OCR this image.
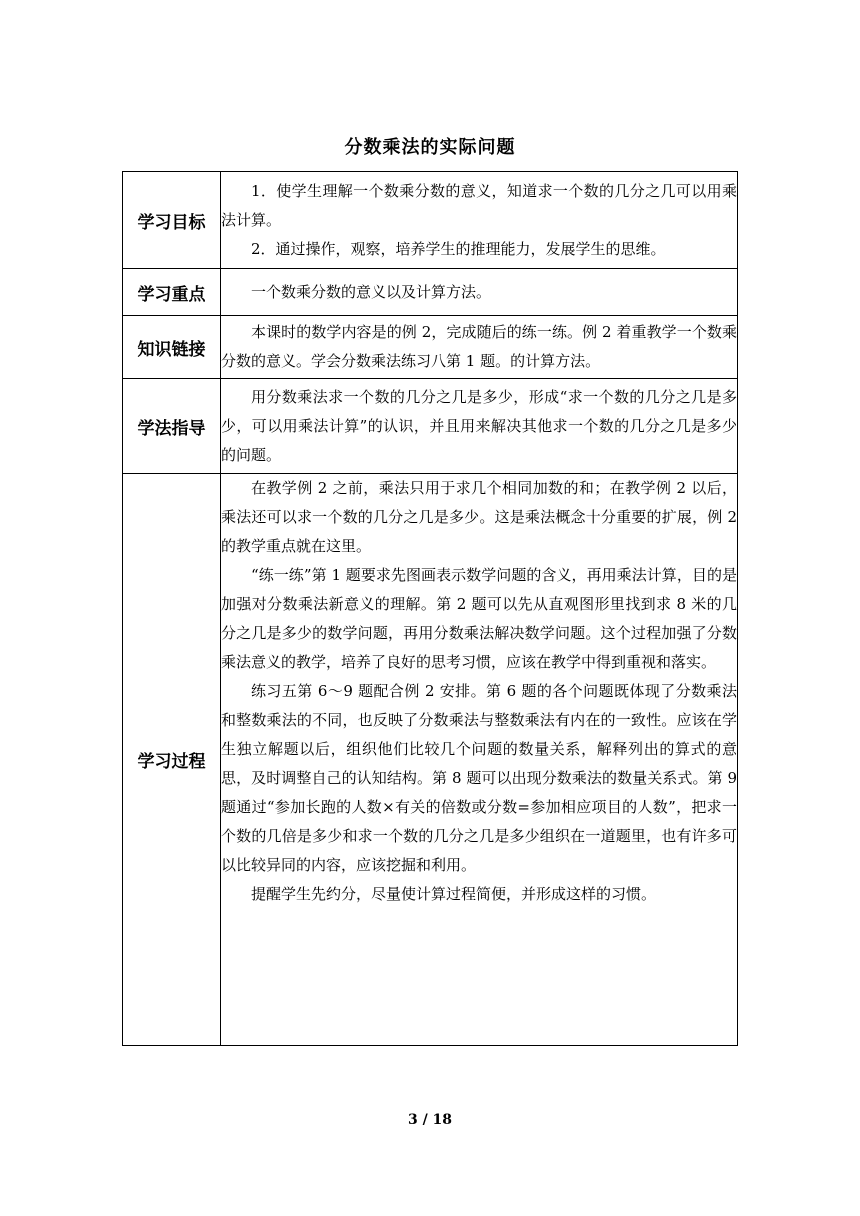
分数乘法的实际问题
学习目标	1．使学生理解一个数乘分数的意义，知道求一个数的几分之几可以用乘法计算。

2．通过操作，观察，培养学生的推理能力，发展学生的思维。

学习重点	一个数乘分数的意义以及计算方法。

知识链接	本课时的数学内容是的例 2，完成随后的练一练。例 2 着重教学一个数乘分数的意义。学会分数乘法练习八第 1 题。的计算方法。

学法指导	用分数乘法求一个数的几分之几是多少，形成“求一个数的几分之几是多少，可以用乘法计算”的认识，并且用来解决其他求一个数的几分之几是多少的问题。

学习过程	在教学例 2 之前，乘法只用于求几个相同加数的和；在教学例 2 以后，乘法还可以求一个数的几分之几是多少。这是乘法概念十分重要的扩展，例 2 的教学重点就在这里。

“练一练”第 1 题要求先图画表示数学问题的含义，再用乘法计算，目的是加强对分数乘法新意义的理解。第 2 题可以先从直观图形里找到求 8 米的几分之几是多少的数学问题，再用分数乘法解决数学问题。这个过程加强了分数乘法意义的教学，培养了良好的思考习惯，应该在教学中得到重视和落实。

练习五第 6～9 题配合例 2 安排。第 6 题的各个问题既体现了分数乘法和整数乘法的不同，也反映了分数乘法与整数乘法有内在的一致性。应该在学生独立解题以后，组织他们比较几个问题的数量关系，解释列出的算式的意思，及时调整自己的认知结构。第 8 题可以出现分数乘法的数量关系式。第 9 题通过“参加长跑的人数×有关的倍数或分数=参加相应项目的人数”，把求一个数的几倍是多少和求一个数的几分之几是多少组织在一道题里，也有许多可以比较异同的内容，应该挖掘和利用。

提醒学生先约分，尽量使计算过程简便，并形成这样的习惯。

3 / 18
